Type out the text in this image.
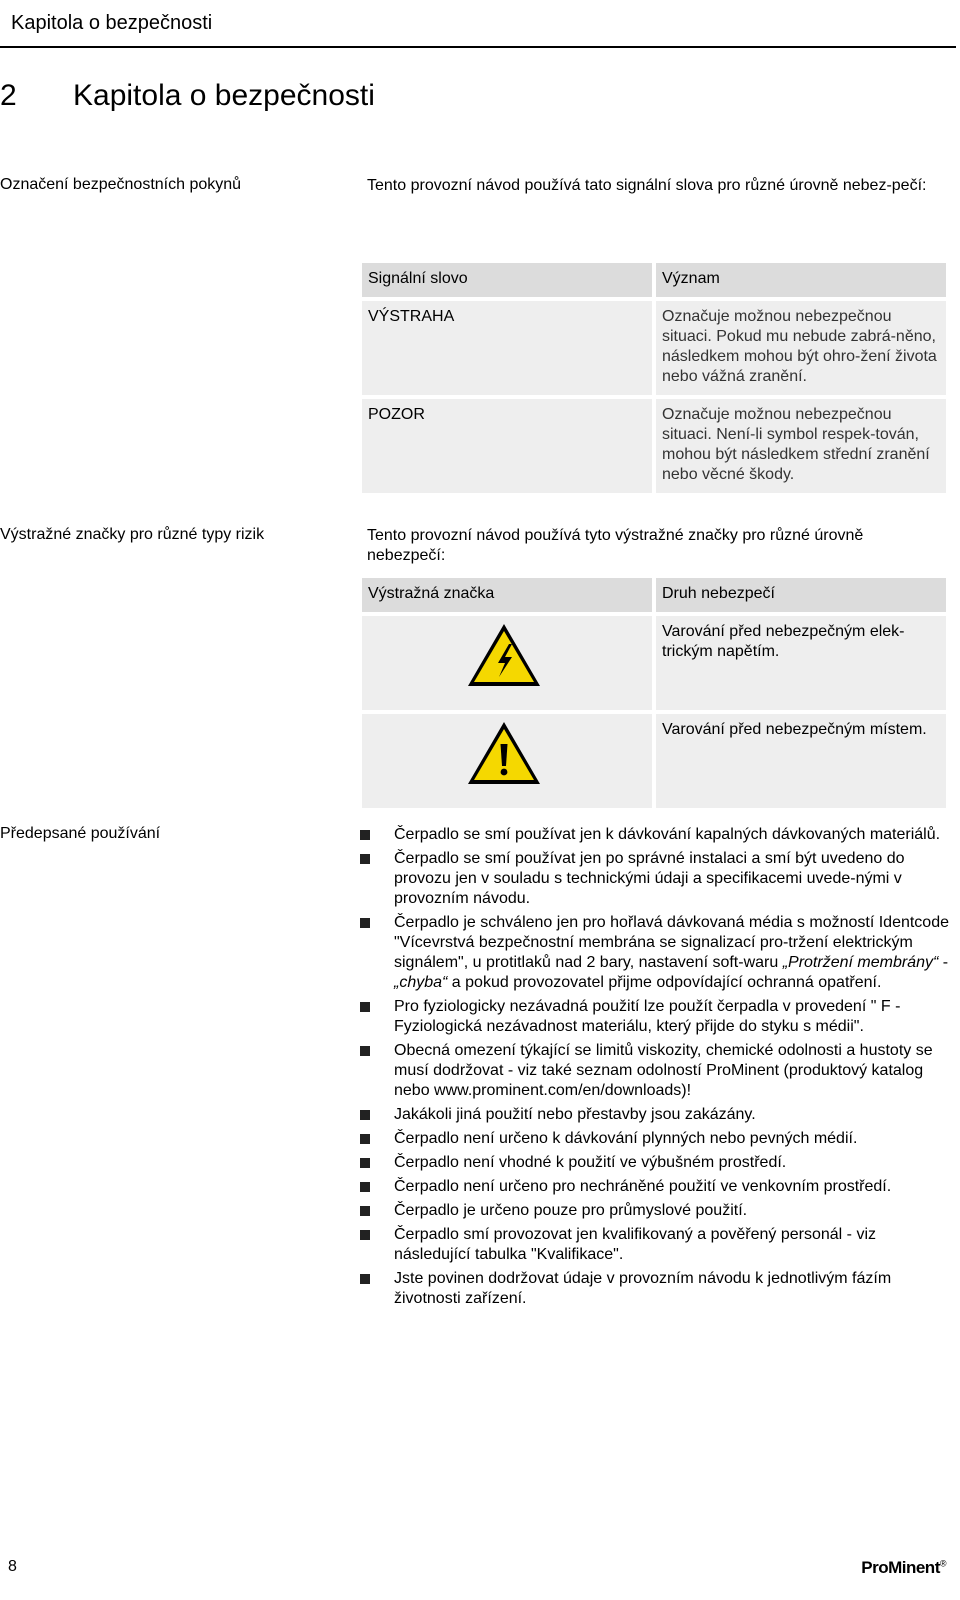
Kapitola o bezpečnosti
2 Kapitola o bezpečnosti
Označení bezpečnostních pokynů	Tento provozní návod používá tato signální slova pro různé úrovně nebez-pečí:
Signální slovo	Význam
VÝSTRAHA	Označuje možnou nebezpečnou situaci. Pokud mu nebude zabrá-něno, následkem mohou být ohro-žení života nebo vážná zranění.
POZOR	Označuje možnou nebezpečnou situaci. Není-li symbol respek-tován, mohou být následkem střední zranění nebo věcné škody.
Výstražné značky pro různé typy rizik	Tento provozní návod používá tyto výstražné značky pro různé úrovně nebezpečí:
Výstražná značka	Druh nebezpečí

	Varování před nebezpečným elek-trickým napětím.

	Varování před nebezpečným místem.
Předepsané používání	Čerpadlo se smí používat jen k dávkování kapalných dávkovaných materiálů.
Čerpadlo se smí používat jen po správné instalaci a smí být uvedeno do provozu jen v souladu s technickými údaji a specifikacemi uvede-nými v provozním návodu.
Čerpadlo je schváleno jen pro hořlavá dávkovaná média s možností Identcode "Vícevrstvá bezpečnostní membrána se signalizací pro-tržení elektrickým signálem", u protitlaků nad 2 bary, nastavení soft-waru „Protržení membrány“ - „chyba“ a pokud provozovatel přijme odpovídající ochranná opatření.
Pro fyziologicky nezávadná použití lze použít čerpadla v provedení " F - Fyziologická nezávadnost materiálu, který přijde do styku s médii".
Obecná omezení týkající se limitů viskozity, chemické odolnosti a hustoty se musí dodržovat - viz také seznam odolností ProMinent (produktový katalog nebo www.prominent.com/en/downloads)!
Jakákoli jiná použití nebo přestavby jsou zakázány.
Čerpadlo není určeno k dávkování plynných nebo pevných médií.
Čerpadlo není vhodné k použití ve výbušném prostředí.
Čerpadlo není určeno pro nechráněné použití ve venkovním prostředí.
Čerpadlo je určeno pouze pro průmyslové použití.
Čerpadlo smí provozovat jen kvalifikovaný a pověřený personál - viz následující tabulka "Kvalifikace".
Jste povinen dodržovat údaje v provozním návodu k jednotlivým fázím životnosti zařízení.
8	ProMinent®
